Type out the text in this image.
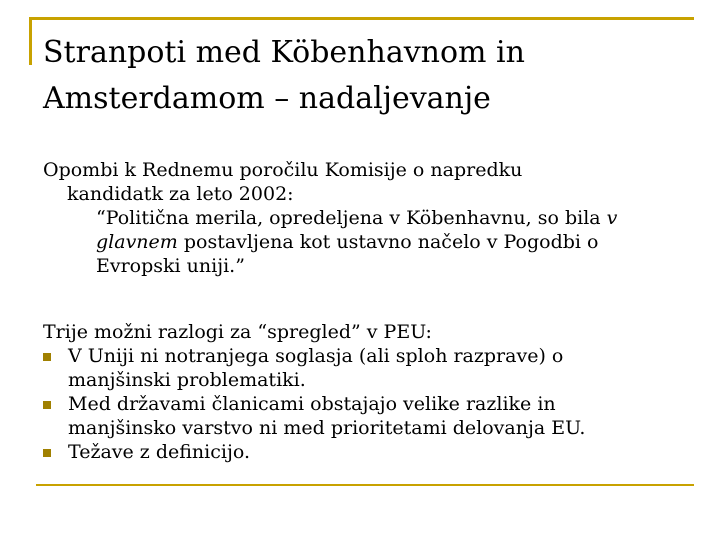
Stranpoti med Köbenhavnom in
Amsterdamom – nadaljevanje
Opombi k Rednemu poročilu Komisije o napredku
kandidatk za leto 2002:
“Politična merila, opredeljena v Köbenhavnu, so bila v glavnem postavljena kot ustavno načelo v Pogodbi o
Evropski uniji.”
Trije možni razlogi za “spreglеd” v PEU:
V Uniji ni notranjega soglasja (ali sploh razprave) o
manjšinski problematiki.
Med državami članicami obstajajo velike razlike in
manjšinsko varstvo ni med prioritetami delovanja EU.
Težave z definicijo.
